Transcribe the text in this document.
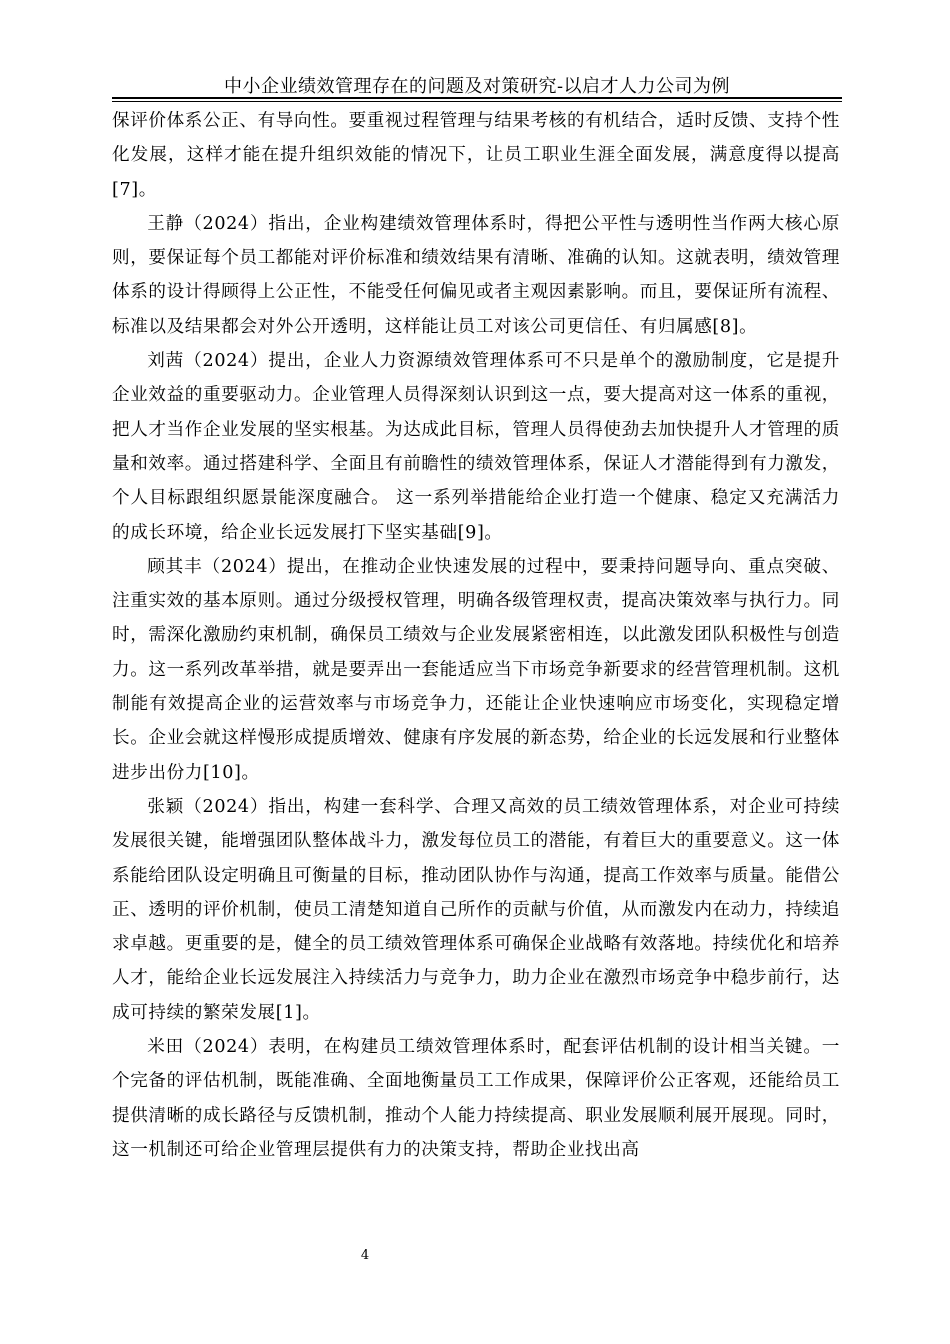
中小企业绩效管理存在的问题及对策研究-以启才人力公司为例

保评价体系公正、有导向性。要重视过程管理与结果考核的有机结合，适时反馈、支持个性化发展，这样才能在提升组织效能的情况下，让员工职业生涯全面发展，满意度得以提高[7]。

王静（2024）指出，企业构建绩效管理体系时，得把公平性与透明性当作两大核心原则，要保证每个员工都能对评价标准和绩效结果有清晰、准确的认知。这就表明，绩效管理体系的设计得顾得上公正性，不能受任何偏见或者主观因素影响。而且，要保证所有流程、标准以及结果都会对外公开透明，这样能让员工对该公司更信任、有归属感[8]。

刘茜（2024）提出，企业人力资源绩效管理体系可不只是单个的激励制度，它是提升企业效益的重要驱动力。企业管理人员得深刻认识到这一点，要大提高对这一体系的重视，把人才当作企业发展的坚实根基。为达成此目标，管理人员得使劲去加快提升人才管理的质量和效率。通过搭建科学、全面且有前瞻性的绩效管理体系，保证人才潜能得到有力激发，个人目标跟组织愿景能深度融合。 这一系列举措能给企业打造一个健康、稳定又充满活力的成长环境，给企业长远发展打下坚实基础[9]。

顾其丰（2024）提出，在推动企业快速发展的过程中，要秉持问题导向、重点突破、注重实效的基本原则。通过分级授权管理，明确各级管理权责，提高决策效率与执行力。同时，需深化激励约束机制，确保员工绩效与企业发展紧密相连，以此激发团队积极性与创造力。这一系列改革举措，就是要弄出一套能适应当下市场竞争新要求的经营管理机制。这机制能有效提高企业的运营效率与市场竞争力，还能让企业快速响应市场变化，实现稳定增长。企业会就这样慢形成提质增效、健康有序发展的新态势，给企业的长远发展和行业整体进步出份力[10]。

张颖（2024）指出，构建一套科学、合理又高效的员工绩效管理体系，对企业可持续发展很关键，能增强团队整体战斗力，激发每位员工的潜能，有着巨大的重要意义。这一体系能给团队设定明确且可衡量的目标，推动团队协作与沟通，提高工作效率与质量。能借公正、透明的评价机制，使员工清楚知道自己所作的贡献与价值，从而激发内在动力，持续追求卓越。更重要的是，健全的员工绩效管理体系可确保企业战略有效落地。持续优化和培养人才，能给企业长远发展注入持续活力与竞争力，助力企业在激烈市场竞争中稳步前行，达成可持续的繁荣发展[1]。

米田（2024）表明，在构建员工绩效管理体系时，配套评估机制的设计相当关键。一个完备的评估机制，既能准确、全面地衡量员工工作成果，保障评价公正客观，还能给员工提供清晰的成长路径与反馈机制，推动个人能力持续提高、职业发展顺利展开展现。同时，这一机制还可给企业管理层提供有力的决策支持，帮助企业找出高

4
